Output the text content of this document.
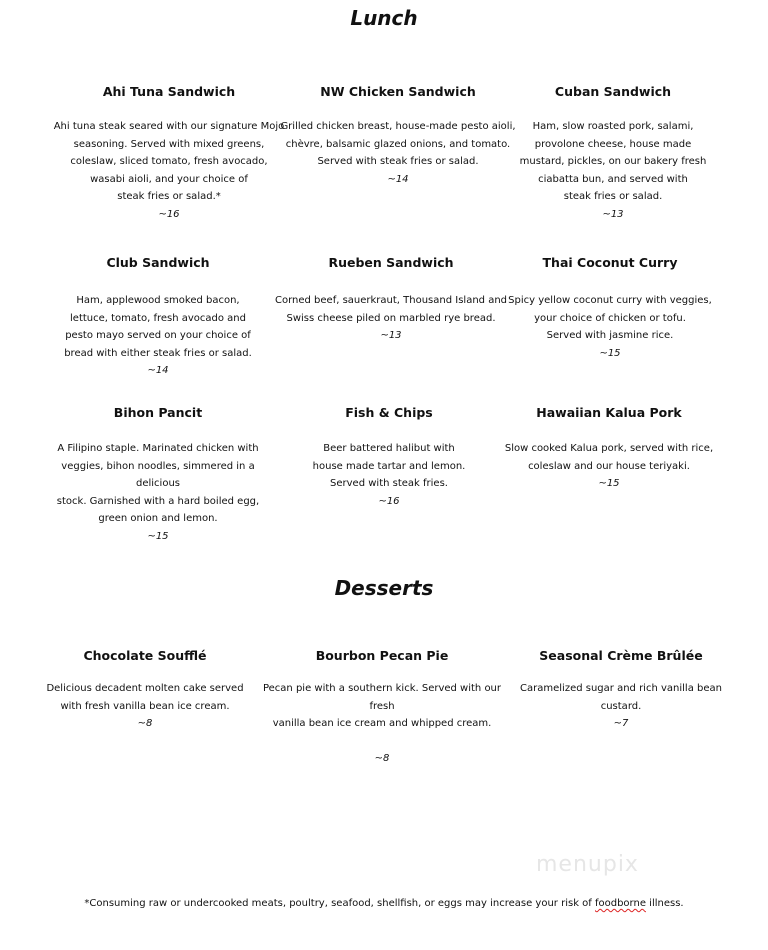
Lunch
Ahi Tuna Sandwich
Ahi tuna steak seared with our signature Mojo
seasoning. Served with mixed greens,
coleslaw, sliced tomato, fresh avocado,
wasabi aioli, and your choice of
steak fries or salad.*
~16
NW Chicken Sandwich
Grilled chicken breast, house-made pesto aioli,
chèvre, balsamic glazed onions, and tomato.
Served with steak fries or salad.
~14
Cuban Sandwich
Ham, slow roasted pork, salami,
provolone cheese, house made
mustard, pickles, on our bakery fresh
ciabatta bun, and served with
steak fries or salad.
~13
Club Sandwich
Ham, applewood smoked bacon,
lettuce, tomato, fresh avocado and
pesto mayo served on your choice of
bread with either steak fries or salad.
~14
Rueben Sandwich
Corned beef, sauerkraut, Thousand Island and
Swiss cheese piled on marbled rye bread.
~13
Thai Coconut Curry
Spicy yellow coconut curry with veggies,
your choice of chicken or tofu.
Served with jasmine rice.
~15
Bihon Pancit
A Filipino staple. Marinated chicken with
veggies, bihon noodles, simmered in a delicious
stock. Garnished with a hard boiled egg,
green onion and lemon.
~15
Fish & Chips
Beer battered halibut with
house made tartar and lemon.
Served with steak fries.
~16
Hawaiian Kalua Pork
Slow cooked Kalua pork, served with rice,
coleslaw and our house teriyaki.
~15
Desserts
Chocolate Soufflé
Delicious decadent molten cake served
with fresh vanilla bean ice cream.
~8
Bourbon Pecan Pie
Pecan pie with a southern kick. Served with our fresh
vanilla bean ice cream and whipped cream.
~8
Seasonal Crème Brûlée
Caramelized sugar and rich vanilla bean
custard.
~7
menupix
*Consuming raw or undercooked meats, poultry, seafood, shellfish, or eggs may increase your risk of foodborne illness.
